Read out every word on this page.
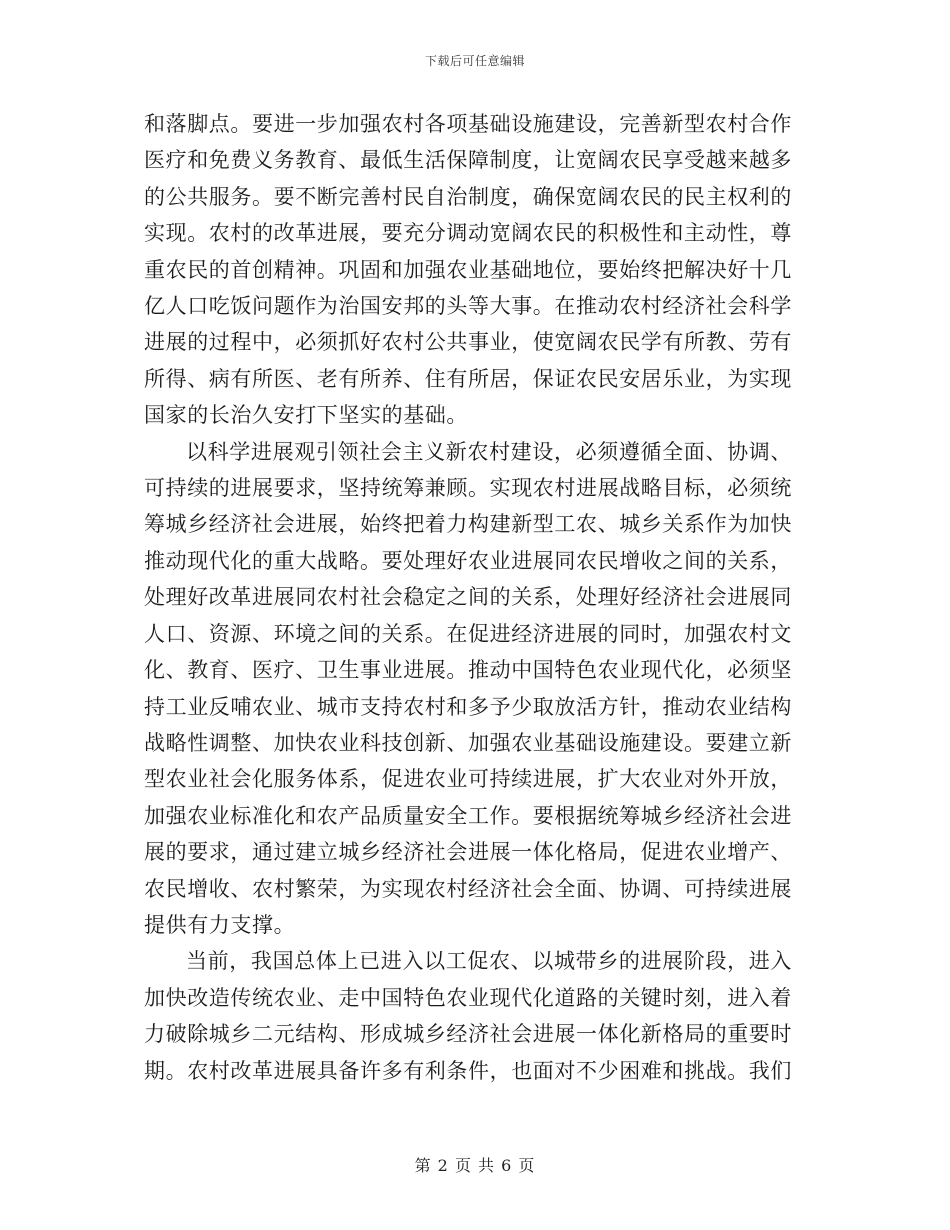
下载后可任意编辑

和落脚点。要进一步加强农村各项基础设施建设，完善新型农村合作医疗和免费义务教育、最低生活保障制度，让宽阔农民享受越来越多的公共服务。要不断完善村民自治制度，确保宽阔农民的民主权利的实现。农村的改革进展，要充分调动宽阔农民的积极性和主动性，尊重农民的首创精神。巩固和加强农业基础地位，要始终把解决好十几亿人口吃饭问题作为治国安邦的头等大事。在推动农村经济社会科学进展的过程中，必须抓好农村公共事业，使宽阔农民学有所教、劳有所得、病有所医、老有所养、住有所居，保证农民安居乐业，为实现国家的长治久安打下坚实的基础。

以科学进展观引领社会主义新农村建设，必须遵循全面、协调、可持续的进展要求，坚持统筹兼顾。实现农村进展战略目标，必须统筹城乡经济社会进展，始终把着力构建新型工农、城乡关系作为加快推动现代化的重大战略。要处理好农业进展同农民增收之间的关系，处理好改革进展同农村社会稳定之间的关系，处理好经济社会进展同人口、资源、环境之间的关系。在促进经济进展的同时，加强农村文化、教育、医疗、卫生事业进展。推动中国特色农业现代化，必须坚持工业反哺农业、城市支持农村和多予少取放活方针，推动农业结构战略性调整、加快农业科技创新、加强农业基础设施建设。要建立新型农业社会化服务体系，促进农业可持续进展，扩大农业对外开放，加强农业标准化和农产品质量安全工作。要根据统筹城乡经济社会进展的要求，通过建立城乡经济社会进展一体化格局，促进农业增产、农民增收、农村繁荣，为实现农村经济社会全面、协调、可持续进展提供有力支撑。

当前，我国总体上已进入以工促农、以城带乡的进展阶段，进入加快改造传统农业、走中国特色农业现代化道路的关键时刻，进入着力破除城乡二元结构、形成城乡经济社会进展一体化新格局的重要时期。农村改革进展具备许多有利条件，也面对不少困难和挑战。我们

第 2 页 共 6 页
